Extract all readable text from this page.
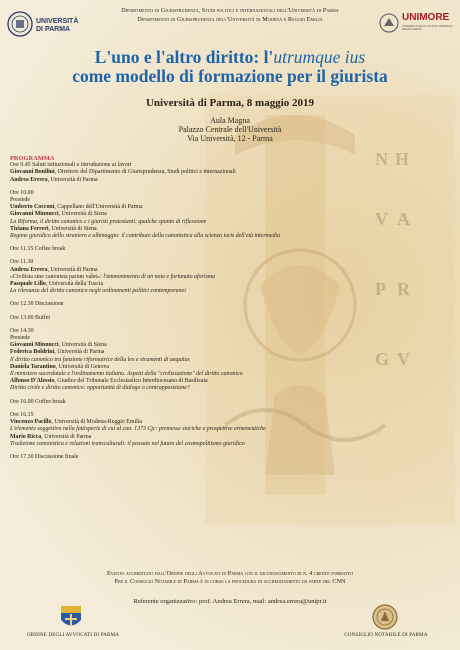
N H
V A
P R
G V
UNIVERSITÀ DI PARMA
UNIMORE
UNIVERSITÀ DEGLI STUDI DI MODENA E REGGIO EMILIA
Dipartimento di Giurisprudenza, Studi politici e internazionali dell'Università di Parma
Dipartimento di Giurisprudenza dell'Università di Modena e Reggio Emilia
L'uno e l'altro diritto: l'utrumque ius
come modello di formazione per il giurista
Università di Parma, 8 maggio 2019
Aula Magna
Palazzo Centrale dell'Università
Via Università, 12 - Parma
PROGRAMMA
Ore 9.45 Saluti istituzionali e introduzione ai lavori
Giovanni Bonilini, Direttore del Dipartimento di Giurisprudenza, Studi politici e internazionali
Andrea Errera, Università di Parma
Ore 10.00
Presiede
Umberto Cocconi, Cappellano dell'Università di Parma
Giovanni Minnucci, Università di Siena
La Riforma, il diritto canonico e i giuristi protestanti: qualche spunto di riflessione
Tiziana Ferreri, Università di Siena
Regime giuridico dello straniero e albinaggio: il contributo della canonistica alla scienza iuris dell'età intermedia
Ore 11.15 Coffee break
Ore 11.30
Andrea Errera, Università di Parma
«Civilista sine canonista parum valet»: l'ammonimento di un noto e fortunato aforisma
Pasquale Lillo, Università della Tuscia
La rilevanza del diritto canonico negli ordinamenti politici contemporanei
Ore 12.30 Discussione
Ore 13.00 Buffet
Ore 14.30
Presiede
Giovanni Minnucci, Università di Siena
Federica Boldrini, Università di Parma
Il diritto canonico tra funzione riformatrice della lex e strumenti di aequitas
Daniela Tarantino, Università di Genova
Il ministero sacerdotale e l'ordinamento italiano. Aspetti della "civilizzazione" del diritto canonico
Alfonso D'Alessio, Giudice del Tribunale Ecclesiastico Interdiocesano di Basilicata
Diritto civile e diritto canonico: opportunità di dialogo o contrapposizione?
Ore 16.00 Coffee break
Ore 16.15
Vincenzo Pacillo, Università di Modena-Reggio Emilia
L'elemento soggettivo nella fattispecie di cui al can. 1373 Cjc: premesse storiche e prospettive ermeneutiche
Mario Ricca, Università di Parma
Tradizione canonistica e relazioni transculturali: il passato nel futuro del cosmopolitismo giuridico
Ore 17.30 Discussione finale
Evento accreditato dall'Ordine degli Avvocati di Parma con il riconoscimento di n. 4 crediti formativi
Per il Consiglio Notarile di Parma è in corso la procedura di accreditamento da parte del CNN
Referente organizzativo: prof. Andrea Errera, mail: andrea.errera@unipr.it
ORDINE DEGLI AVVOCATI DI PARMA	CONSIGLIO NOTARILE DI PARMA
